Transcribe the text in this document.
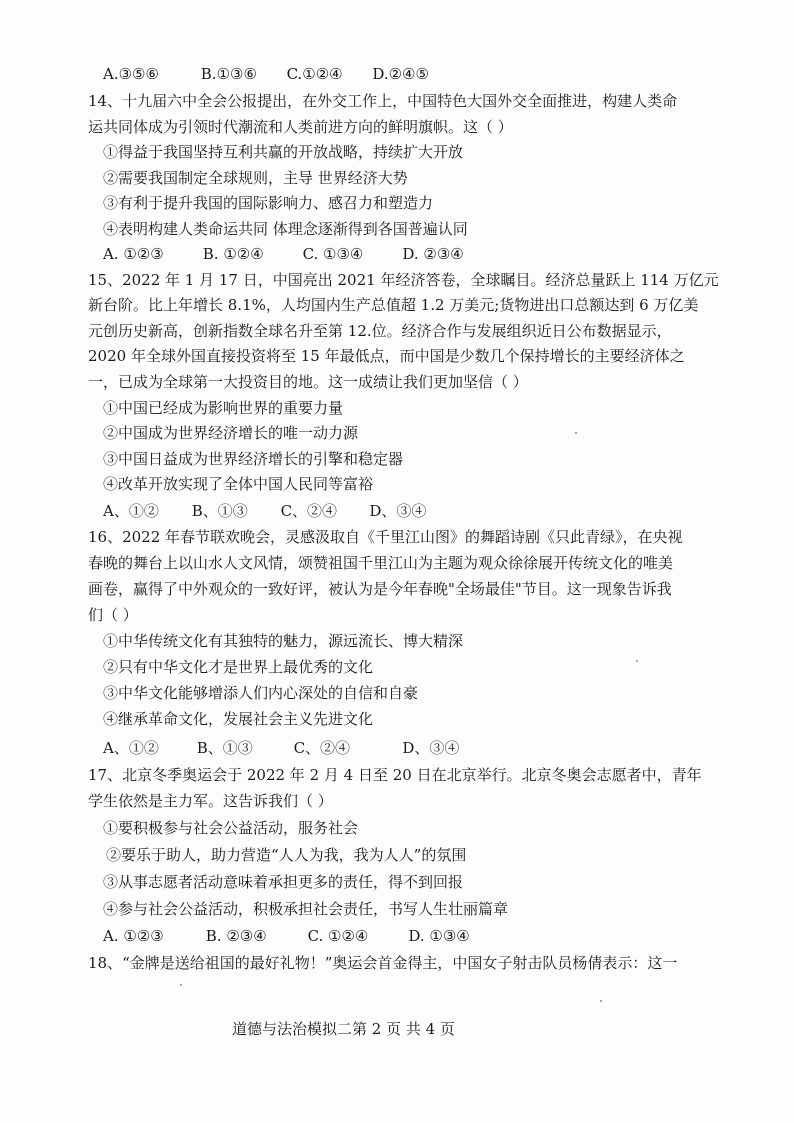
A.③⑤⑥	B.①③⑥ C.①②④ D.②④⑤
14、十九届六中全会公报提出，在外交工作上，中国特色大国外交全面推进，构建人类命
运共同体成为引领时代潮流和人类前进方向的鲜明旗帜。这（ ）
①得益于我国坚持互利共赢的开放战略，持续扩大开放
②需要我国制定全球规则，主导 世界经济大势
③有利于提升我国的国际影响力、感召力和塑造力
④表明构建人类命运共同 体理念逐渐得到各国普遍认同
A. ①②③	B. ①②④	C. ①③④	D. ②③④
15、2022 年 1 月 17 日，中国亮出 2021 年经济答卷，全球瞩目。经济总量跃上 114 万亿元
新台阶。比上年增长 8.1%，人均国内生产总值超 1.2 万美元;货物进出口总额达到 6 万亿美
元创历史新高，创新指数全球名升至第 12.位。经济合作与发展组织近日公布数据显示，
2020 年全球外国直接投资将至 15 年最低点，而中国是少数几个保持增长的主要经济体之
一，已成为全球第一大投资目的地。这一成绩让我们更加坚信（ ）
①中国已经成为影响世界的重要力量
②中国成为世界经济增长的唯一动力源
③中国日益成为世界经济增长的引擎和稳定器
④改革开放实现了全体中国人民同等富裕
A、①② B、①③ C、②④ D、③④
16、2022 年春节联欢晚会，灵感汲取自《千里江山图》的舞蹈诗剧《只此青绿》，在央视
春晚的舞台上以山水人文风情，颂赞祖国千里江山为主题为观众徐徐展开传统文化的唯美
画卷，赢得了中外观众的一致好评，被认为是今年春晚"全场最佳"节目。这一现象告诉我
们（ ）
①中华传统文化有其独特的魅力，源远流长、博大精深
②只有中华文化才是世界上最优秀的文化
③中华文化能够增添人们内心深处的自信和自豪
④继承革命文化，发展社会主义先进文化
A、①②	B、①③	C、②④	D、③④
17、北京冬季奥运会于 2022 年 2 月 4 日至 20 日在北京举行。北京冬奥会志愿者中，青年
学生依然是主力军。这告诉我们（ ）
①要积极参与社会公益活动，服务社会
②要乐于助人，助力营造“人人为我，我为人人”的氛围
③从事志愿者活动意味着承担更多的责任，得不到回报
④参与社会公益活动，积极承担社会责任，书写人生壮丽篇章
A. ①②③	B. ②③④	C. ①②④	D. ①③④
18、“金牌是送给祖国的最好礼物！”奥运会首金得主，中国女子射击队员杨倩表示：这一
道德与法治模拟二第 2 页 共 4 页
